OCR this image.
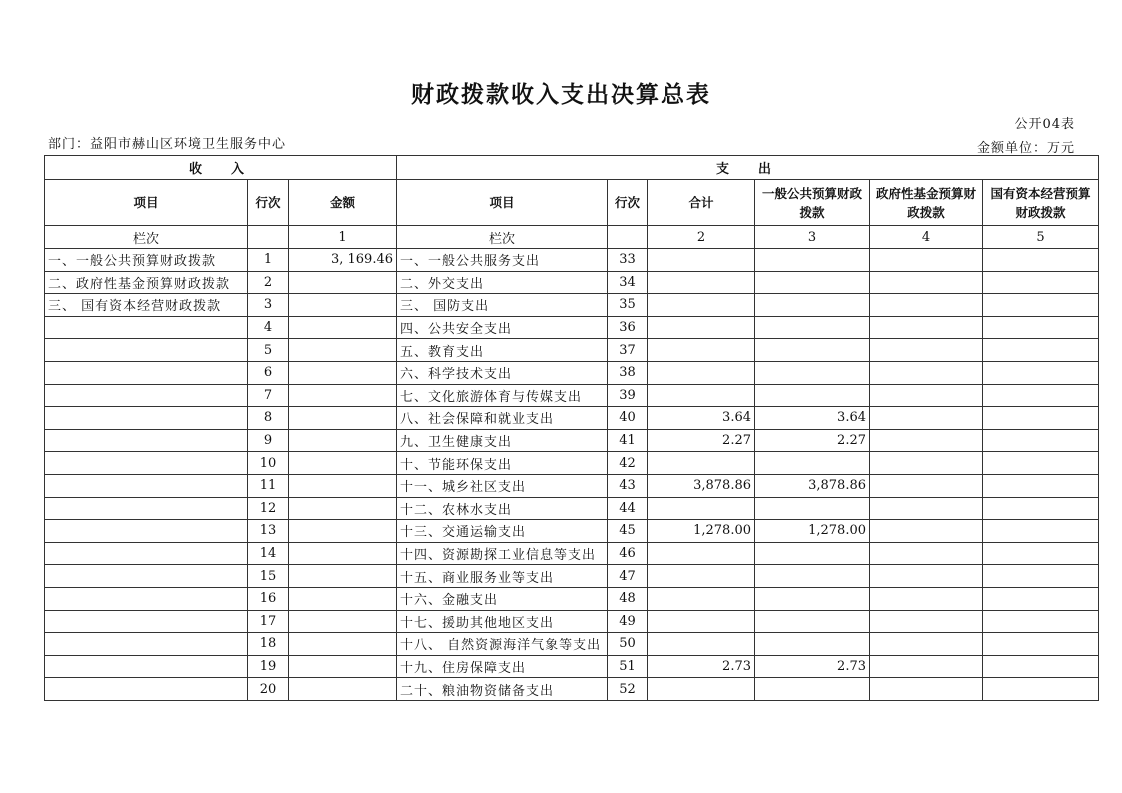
财政拨款收入支出决算总表
公开04表
部门：益阳市赫山区环境卫生服务中心	金额单位：万元
收　入			支　出					
项目	行次	金额	项目	行次	合计	一般公共预算财政拨款	政府性基金预算财政拨款	国有资本经营预算财政拨款
栏次		1	栏次		2	3	4	5
一、一般公共预算财政拨款	1	3, 169.46	一、一般公共服务支出	33				
二、政府性基金预算财政拨款	2		二、外交支出	34				
三、 国有资本经营财政拨款	3		三、 国防支出	35				
	4		四、公共安全支出	36				
	5		五、教育支出	37				
	6		六、科学技术支出	38				
	7		七、文化旅游体育与传媒支出	39				
	8		八、社会保障和就业支出	40	3.64	3.64		
	9		九、卫生健康支出	41	2.27	2.27		
	10		十、节能环保支出	42				
	11		十一、城乡社区支出	43	3,878.86	3,878.86		
	12		十二、农林水支出	44				
	13		十三、交通运输支出	45	1,278.00	1,278.00		
	14		十四、资源勘探工业信息等支出	46				
	15		十五、商业服务业等支出	47				
	16		十六、金融支出	48				
	17		十七、援助其他地区支出	49				
	18		十八、 自然资源海洋气象等支出	50				
	19		十九、住房保障支出	51	2.73	2.73		
	20		二十、粮油物资储备支出	52				
